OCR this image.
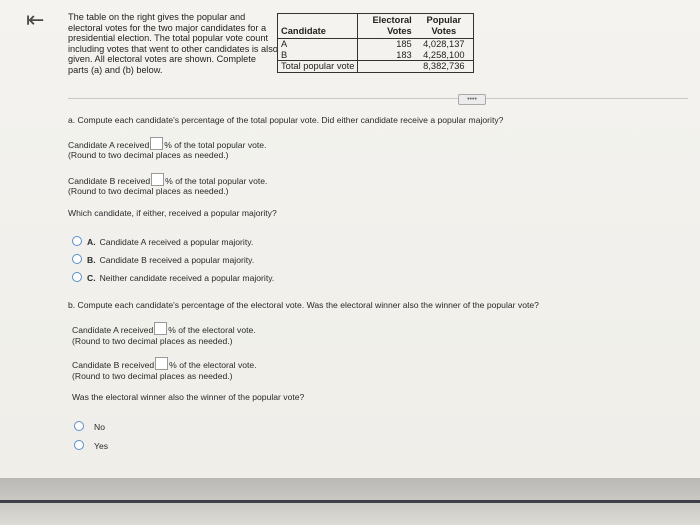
⇤	The table on the right gives the popular and electoral votes for the two major candidates for a presidential election. The total popular vote count including votes that went to other candidates is also given. All electoral votes are shown. Complete parts (a) and (b) below.
Candidate	Electoral Votes	Popular Votes
A	185	4,028,137
B	183	4,258,100
Total popular vote		8,382,736
••••
a. Compute each candidate's percentage of the total popular vote. Did either candidate receive a popular majority?
Candidate A received % of the total popular vote.
(Round to two decimal places as needed.)
Candidate B received % of the total popular vote.
(Round to two decimal places as needed.)
Which candidate, if either, received a popular majority?
A. Candidate A received a popular majority.
B. Candidate B received a popular majority.
C. Neither candidate received a popular majority.
b. Compute each candidate's percentage of the electoral vote. Was the electoral winner also the winner of the popular vote?
Candidate A received % of the electoral vote.
(Round to two decimal places as needed.)
Candidate B received % of the electoral vote.
(Round to two decimal places as needed.)
Was the electoral winner also the winner of the popular vote?
No
Yes
